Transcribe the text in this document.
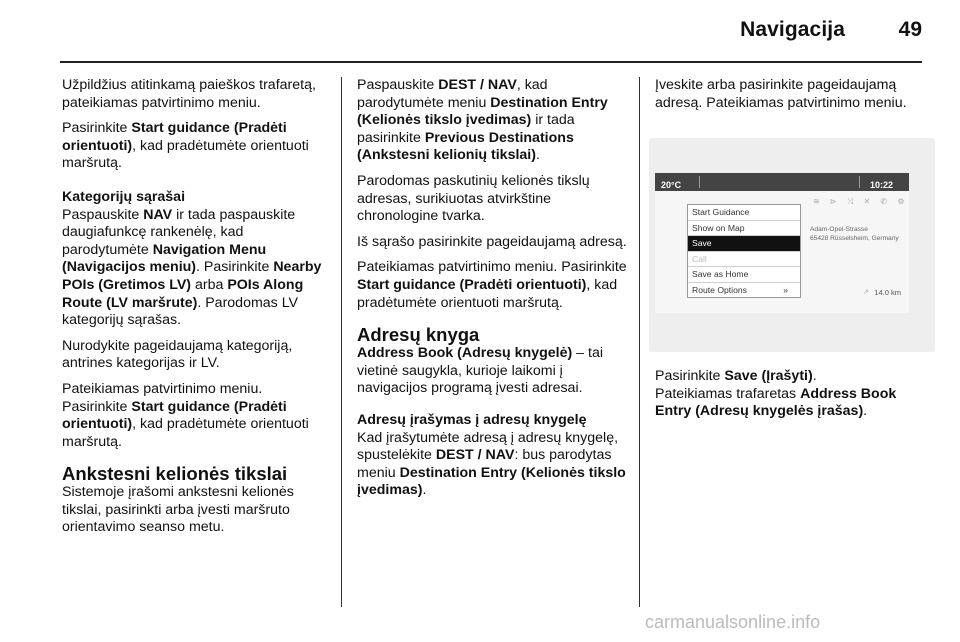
Navigacija	49

Užpildžius atitinkamą paieškos trafaretą, pateikiamas patvirtinimo meniu.

Pasirinkite Start guidance (Pradėti orientuoti), kad pradėtumėte orientuoti maršrutą.

Kategorijų sąrašai

Paspauskite NAV ir tada paspauskite daugiafunkcę rankenėlę, kad parodytumėte Navigation Menu (Navigacijos meniu). Pasirinkite Nearby POIs (Gretimos LV) arba POIs Along Route (LV maršrute). Parodomas LV kategorijų sąrašas.

Nurodykite pageidaujamą kategoriją, antrines kategorijas ir LV.

Pateikiamas patvirtinimo meniu. Pasirinkite Start guidance (Pradėti orientuoti), kad pradėtumėte orientuoti maršrutą.

Ankstesni kelionės tikslai

Sistemoje įrašomi ankstesni kelionės tikslai, pasirinkti arba įvesti maršruto orientavimo seanso metu.

Paspauskite DEST / NAV, kad parodytumėte meniu Destination Entry (Kelionės tikslo įvedimas) ir tada pasirinkite Previous Destinations (Ankstesni kelionių tikslai).

Parodomas paskutinių kelionės tikslų adresas, surikiuotas atvirkštine chronologine tvarka.

Iš sąrašo pasirinkite pageidaujamą adresą.

Pateikiamas patvirtinimo meniu. Pasirinkite Start guidance (Pradėti orientuoti), kad pradėtumėte orientuoti maršrutą.

Adresų knyga

Address Book (Adresų knygelė) – tai vietinė saugykla, kurioje laikomi į navigacijos programą įvesti adresai.

Adresų įrašymas į adresų knygelę

Kad įrašytumėte adresą į adresų knygelę, spustelėkite DEST / NAV: bus parodytas meniu Destination Entry (Kelionės tikslo įvedimas).

Įveskite arba pasirinkite pageidaujamą adresą. Pateikiamas patvirtinimo meniu.

20°C	10:22
≋ ⊳ ⤨ ✕ ✆ ⚙
Start Guidance
Show on Map
Save
Call
Save as Home
Route Options	»
Adam-Opel-Strasse
65428 Rüsselsheim, Germany
⇗ 14.0 km

Pasirinkite Save (Įrašyti).

Pateikiamas trafaretas Address Book Entry (Adresų knygelės įrašas).

carmanualsonline.info
